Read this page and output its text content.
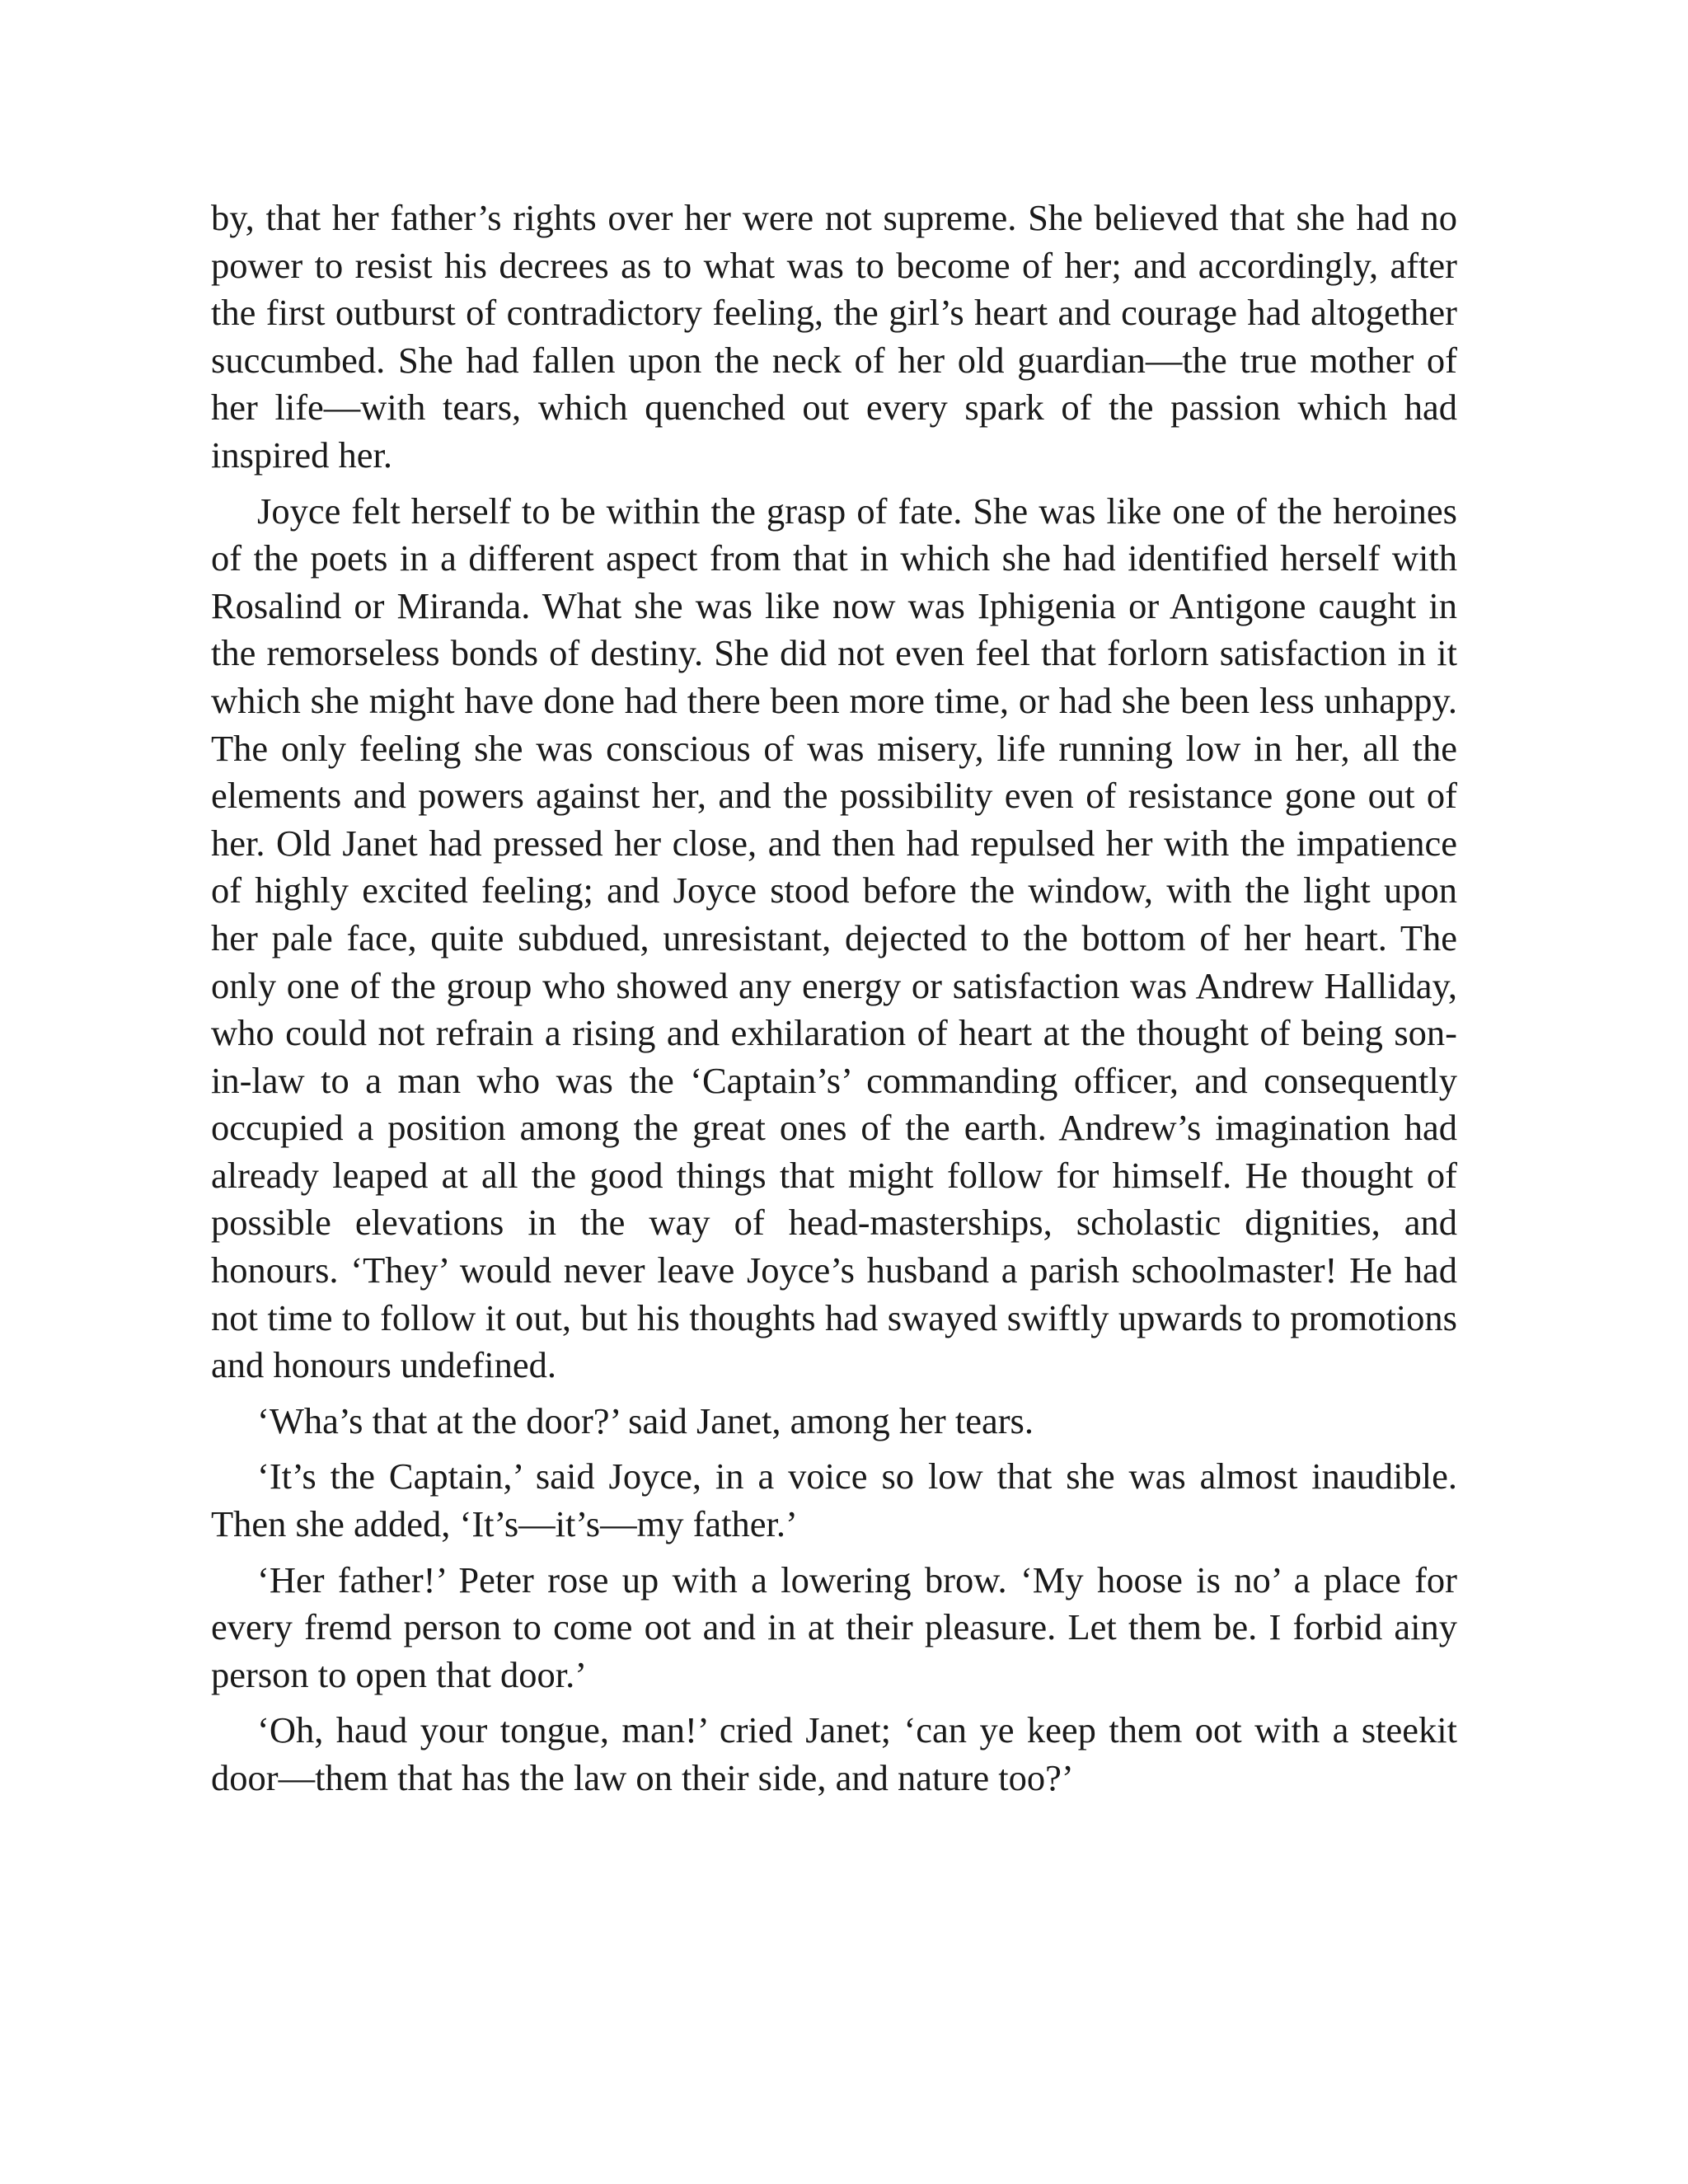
by, that her father’s rights over her were not supreme. She believed that she had no power to resist his decrees as to what was to become of her; and accordingly, after the first outburst of contradictory feeling, the girl’s heart and courage had altogether succumbed. She had fallen upon the neck of her old guardian—the true mother of her life—with tears, which quenched out every spark of the passion which had inspired her.

Joyce felt herself to be within the grasp of fate. She was like one of the heroines of the poets in a different aspect from that in which she had identified herself with Rosalind or Miranda. What she was like now was Iphigenia or Antigone caught in the remorseless bonds of destiny. She did not even feel that forlorn satisfaction in it which she might have done had there been more time, or had she been less unhappy. The only feeling she was conscious of was misery, life running low in her, all the elements and powers against her, and the possibility even of resistance gone out of her. Old Janet had pressed her close, and then had repulsed her with the impatience of highly excited feeling; and Joyce stood before the window, with the light upon her pale face, quite subdued, unresistant, dejected to the bottom of her heart. The only one of the group who showed any energy or satisfaction was Andrew Halliday, who could not refrain a rising and exhilaration of heart at the thought of being son-in-law to a man who was the ‘Captain’s’ commanding officer, and consequently occupied a position among the great ones of the earth. Andrew’s imagination had already leaped at all the good things that might follow for himself. He thought of possible elevations in the way of head-masterships, scholastic dignities, and honours. ‘They’ would never leave Joyce’s husband a parish schoolmaster! He had not time to follow it out, but his thoughts had swayed swiftly upwards to promotions and honours undefined.

‘Wha’s that at the door?’ said Janet, among her tears.

‘It’s the Captain,’ said Joyce, in a voice so low that she was almost inaudible. Then she added, ‘It’s—it’s—my father.’

‘Her father!’ Peter rose up with a lowering brow. ‘My hoose is no’ a place for every fremd person to come oot and in at their pleasure. Let them be. I forbid ainy person to open that door.’

‘Oh, haud your tongue, man!’ cried Janet; ‘can ye keep them oot with a steekit door—them that has the law on their side, and nature too?’
